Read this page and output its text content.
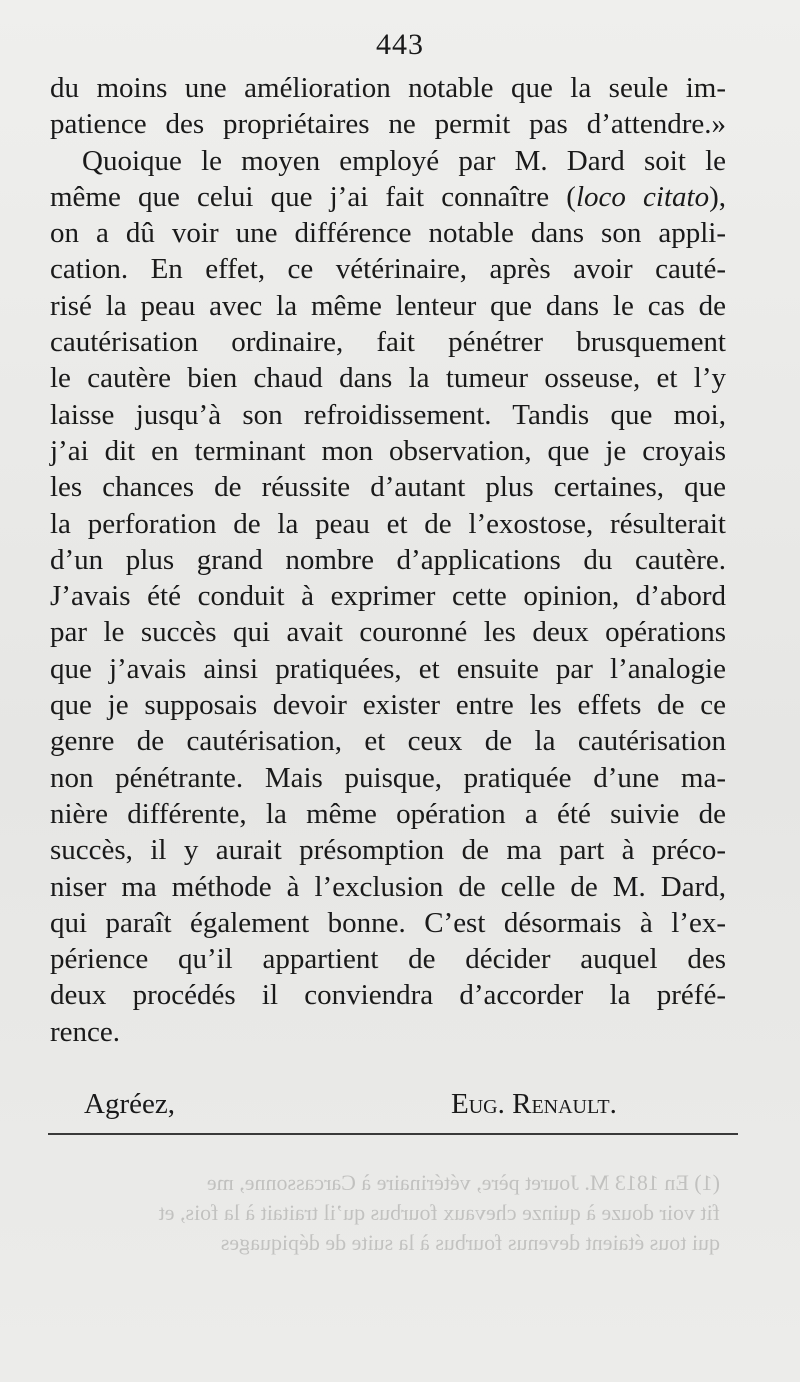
443
du moins une amélioration notable que la seule im-
patience des propriétaires ne permit pas d’attendre.»
Quoique le moyen employé par M. Dard soit le
même que celui que j’ai fait connaître (loco citato),
on a dû voir une différence notable dans son appli-
cation. En effet, ce vétérinaire, après avoir cauté-
risé la peau avec la même lenteur que dans le cas de
cautérisation ordinaire, fait pénétrer brusquement
le cautère bien chaud dans la tumeur osseuse, et l’y
laisse jusqu’à son refroidissement. Tandis que moi,
j’ai dit en terminant mon observation, que je croyais
les chances de réussite d’autant plus certaines, que
la perforation de la peau et de l’exostose, résulterait
d’un plus grand nombre d’applications du cautère.
J’avais été conduit à exprimer cette opinion, d’abord
par le succès qui avait couronné les deux opérations
que j’avais ainsi pratiquées, et ensuite par l’analogie
que je supposais devoir exister entre les effets de ce
genre de cautérisation, et ceux de la cautérisation
non pénétrante. Mais puisque, pratiquée d’une ma-
nière différente, la même opération a été suivie de
succès, il y aurait présomption de ma part à préco-
niser ma méthode à l’exclusion de celle de M. Dard,
qui paraît également bonne. C’est désormais à l’ex-
périence qu’il appartient de décider auquel des
deux procédés il conviendra d’accorder la préfé-
rence.
Agréez,	Eug. Renault.
(1) En 1813 M. Jouret père, vétérinaire à Carcassonne, me
fit voir douze à quinze chevaux fourbus qu’il traitait à la fois, et
qui tous étaient devenus fourbus à la suite de dépiquages
